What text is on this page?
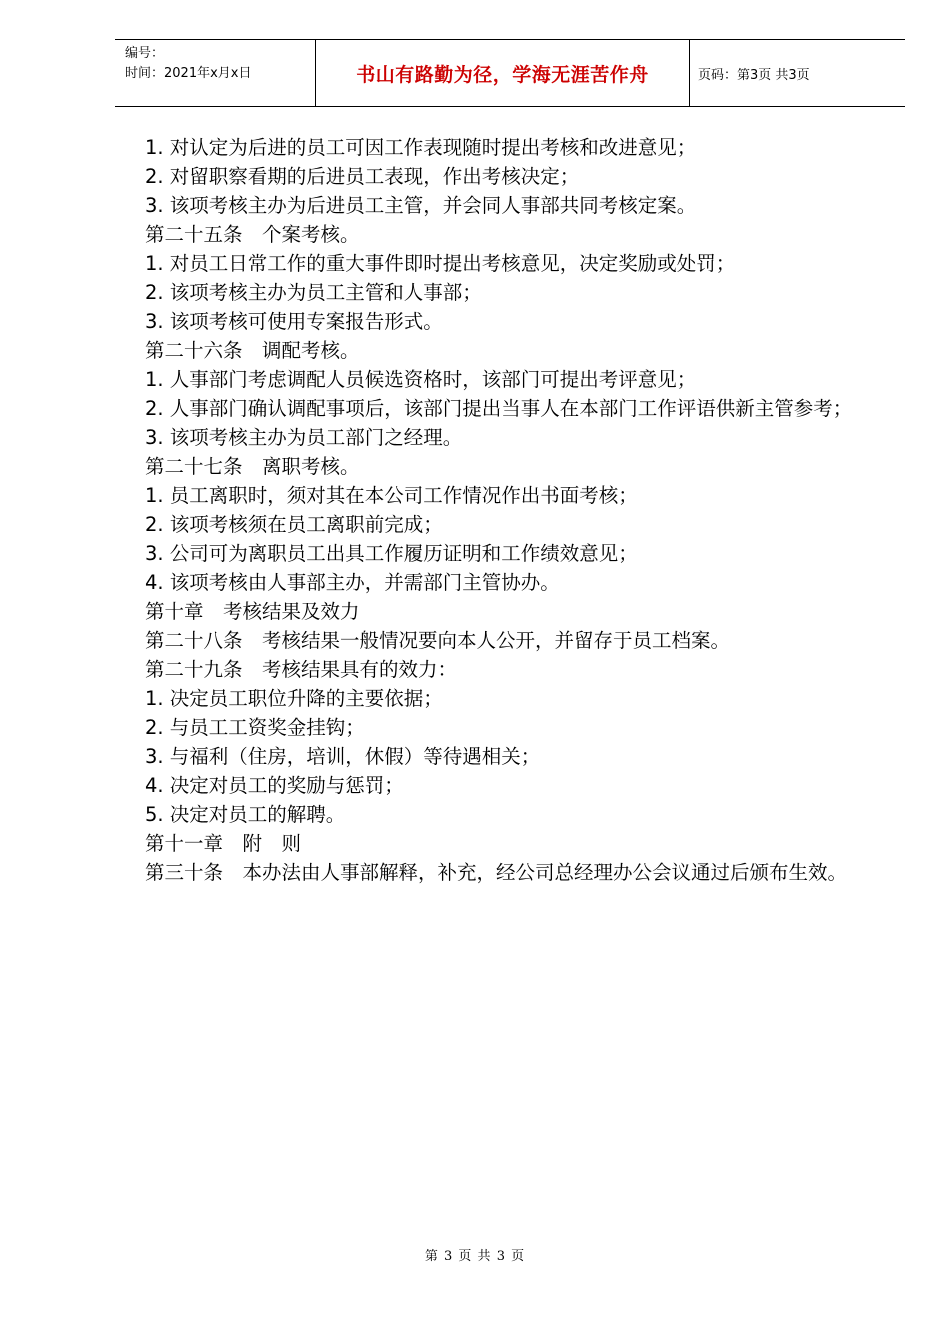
编号：
时间：2021年x月x日	书山有路勤为径，学海无涯苦作舟	页码：第3页 共3页

1. 对认定为后进的员工可因工作表现随时提出考核和改进意见；

2. 对留职察看期的后进员工表现，作出考核决定；

3. 该项考核主办为后进员工主管，并会同人事部共同考核定案。

第二十五条　个案考核。

1. 对员工日常工作的重大事件即时提出考核意见，决定奖励或处罚；

2. 该项考核主办为员工主管和人事部；

3. 该项考核可使用专案报告形式。

第二十六条　调配考核。

1. 人事部门考虑调配人员候选资格时，该部门可提出考评意见；

2. 人事部门确认调配事项后，该部门提出当事人在本部门工作评语供新主管参考；

3. 该项考核主办为员工部门之经理。

第二十七条　离职考核。

1. 员工离职时，须对其在本公司工作情况作出书面考核；

2. 该项考核须在员工离职前完成；

3. 公司可为离职员工出具工作履历证明和工作绩效意见；

4. 该项考核由人事部主办，并需部门主管协办。

第十章　考核结果及效力

第二十八条　考核结果一般情况要向本人公开，并留存于员工档案。

第二十九条　考核结果具有的效力：

1. 决定员工职位升降的主要依据；

2. 与员工工资奖金挂钩；

3. 与福利（住房，培训，休假）等待遇相关；

4. 决定对员工的奖励与惩罚；

5. 决定对员工的解聘。

第十一章　附　则

第三十条　本办法由人事部解释，补充，经公司总经理办公会议通过后颁布生效。

第 3 页 共 3 页
